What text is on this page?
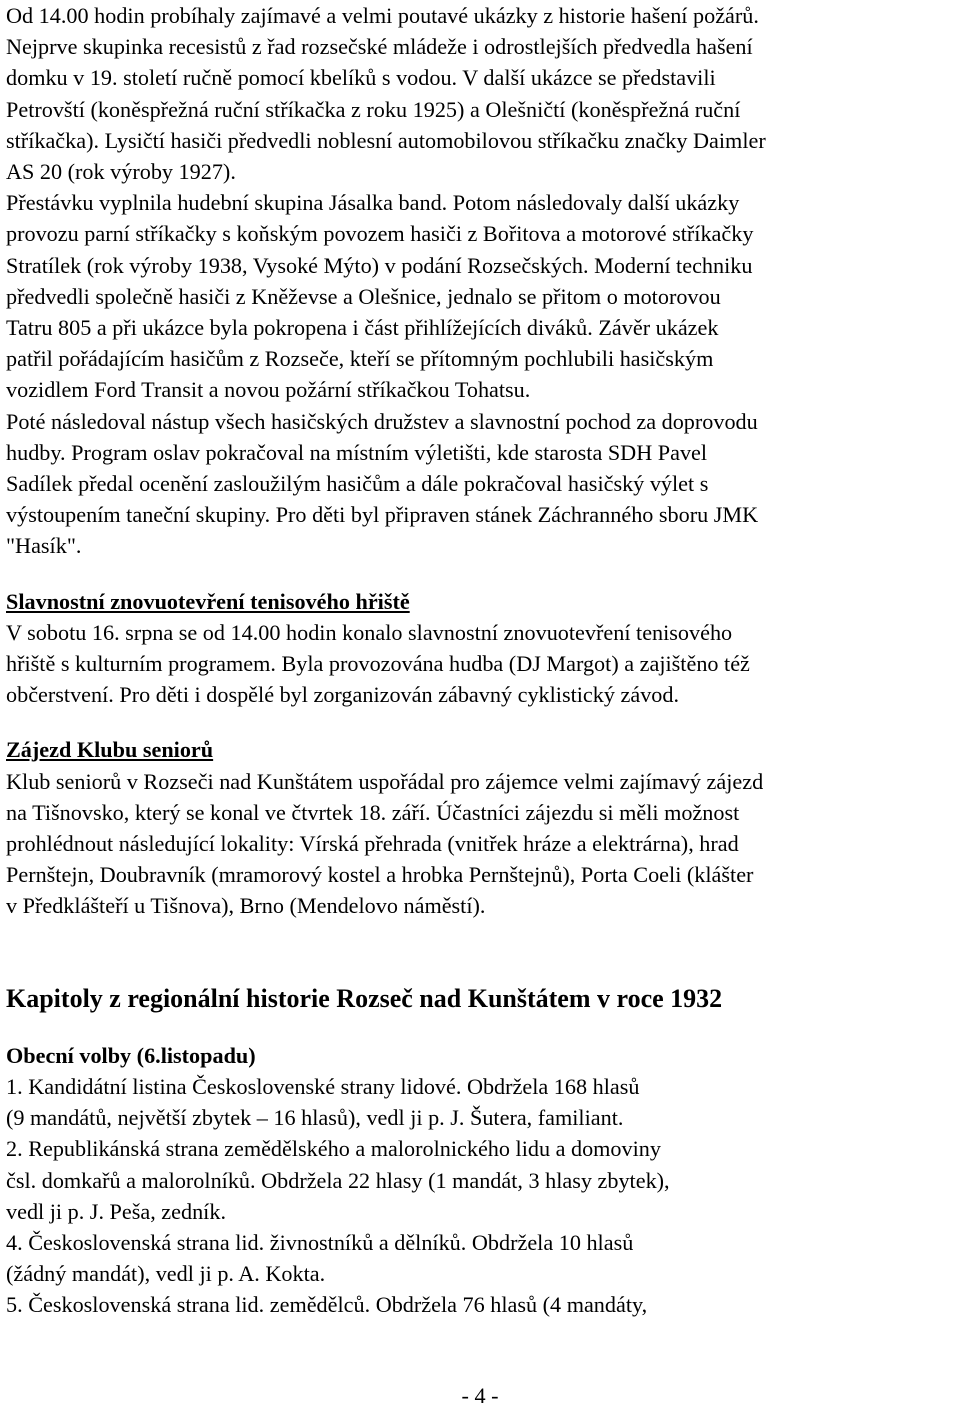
Od 14.00 hodin probíhaly zajímavé a velmi poutavé ukázky z historie hašení požárů.
Nejprve skupinka recesistů z řad rozsečské mládeže i odrostlejších předvedla hašení
domku v 19. století ručně pomocí kbelíků s vodou. V další ukázce se představili
Petrovští (koněspřežná ruční stříkačka z roku 1925) a Olešničtí (koněspřežná ruční
stříkačka). Lysičtí hasiči předvedli noblesní automobilovou stříkačku značky Daimler
AS 20 (rok výroby 1927).
Přestávku vyplnila hudební skupina Jásalka band. Potom následovaly další ukázky
provozu parní stříkačky s koňským povozem hasiči z Bořitova a motorové stříkačky
Stratílek (rok výroby 1938, Vysoké Mýto) v podání Rozsečských. Moderní techniku
předvedli společně hasiči z Kněževse a Olešnice, jednalo se přitom o motorovou
Tatru 805 a při ukázce byla pokropena i část přihlížejících diváků. Závěr ukázek
patřil pořádajícím hasičům z Rozseče, kteří se přítomným pochlubili hasičským
vozidlem Ford Transit a novou požární stříkačkou Tohatsu.
Poté následoval nástup všech hasičských družstev a slavnostní pochod za doprovodu
hudby. Program oslav pokračoval na místním výletišti, kde starosta SDH Pavel
Sadílek předal ocenění zasloužilým hasičům a dále pokračoval hasičský výlet s
výstoupením taneční skupiny. Pro děti byl připraven stánek Záchranného sboru JMK
"Hasík".
Slavnostní znovuotevření tenisového hřiště
V sobotu 16. srpna se od 14.00 hodin konalo slavnostní znovuotevření tenisového
hřiště s kulturním programem. Byla provozována hudba (DJ Margot) a zajištěno též
občerstvení. Pro děti i dospělé byl zorganizován zábavný cyklistický závod.
Zájezd Klubu seniorů
Klub seniorů v Rozseči nad Kunštátem uspořádal pro zájemce velmi zajímavý zájezd
na Tišnovsko, který se konal ve čtvrtek 18. září. Účastníci zájezdu si měli možnost
prohlédnout následující lokality: Vírská přehrada (vnitřek hráze a elektrárna), hrad
Pernštejn, Doubravník (mramorový kostel a hrobka Pernštejnů), Porta Coeli (klášter
v Předklášteří u Tišnova), Brno (Mendelovo náměstí).
Kapitoly z regionální historie Rozseč nad Kunštátem v roce 1932
Obecní volby (6.listopadu)
1. Kandidátní listina Československé strany lidové. Obdržela 168 hlasů
(9 mandátů, největší zbytek – 16 hlasů), vedl ji p. J. Šutera, familiant.
2. Republikánská strana zemědělského a malorolnického lidu a domoviny
čsl. domkařů a malorolníků. Obdržela 22 hlasy (1 mandát, 3 hlasy zbytek),
vedl ji p. J. Peša, zedník.
4. Československá strana lid. živnostníků a dělníků. Obdržela 10 hlasů
(žádný mandát), vedl ji p. A. Kokta.
5. Československá strana lid. zemědělců. Obdržela 76 hlasů (4 mandáty,
- 4 -
